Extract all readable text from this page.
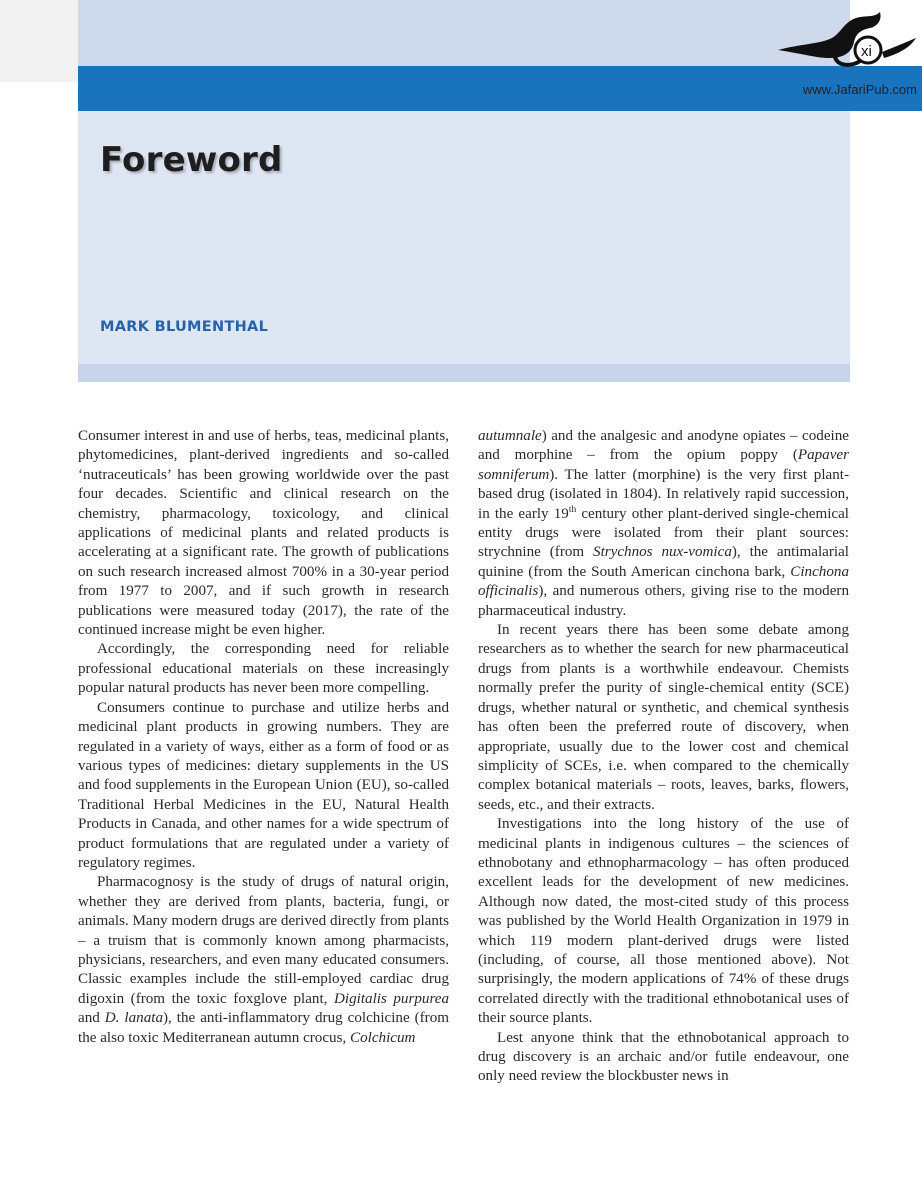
Foreword
MARK BLUMENTHAL
xi
www.JafariPub.com

Consumer interest in and use of herbs, teas, medicinal plants, phytomedicines, plant-derived ingredients and so-called ‘nutraceuticals’ has been growing worldwide over the past four decades. Scientific and clinical research on the chemistry, pharmacology, toxicology, and clinical applications of medicinal plants and related products is accelerating at a significant rate. The growth of publications on such research increased almost 700% in a 30-year period from 1977 to 2007, and if such growth in research publications were measured today (2017), the rate of the continued increase might be even higher.

Accordingly, the corresponding need for reliable professional educational materials on these increasingly popular natural products has never been more compelling.

Consumers continue to purchase and utilize herbs and medicinal plant products in growing numbers. They are regulated in a variety of ways, either as a form of food or as various types of medicines: dietary supplements in the US and food supplements in the European Union (EU), so-called Traditional Herbal Medicines in the EU, Natural Health Products in Canada, and other names for a wide spectrum of product formulations that are regulated under a variety of regulatory regimes.

Pharmacognosy is the study of drugs of natural origin, whether they are derived from plants, bacteria, fungi, or animals. Many modern drugs are derived directly from plants – a truism that is commonly known among pharmacists, physicians, researchers, and even many educated consumers. Classic examples include the still-employed cardiac drug digoxin (from the toxic foxglove plant, Digitalis purpurea and D. lanata), the anti-inflammatory drug colchicine (from the also toxic Mediterranean autumn crocus, Colchicum

autumnale) and the analgesic and anodyne opiates – codeine and morphine – from the opium poppy (Papaver somniferum). The latter (morphine) is the very first plant-based drug (isolated in 1804). In relatively rapid succession, in the early 19th century other plant-derived single-chemical entity drugs were isolated from their plant sources: strychnine (from Strychnos nux-vomica), the antimalarial quinine (from the South American cinchona bark, Cinchona officinalis), and numerous others, giving rise to the modern pharmaceutical industry.

In recent years there has been some debate among researchers as to whether the search for new pharmaceutical drugs from plants is a worthwhile endeavour. Chemists normally prefer the purity of single-chemical entity (SCE) drugs, whether natural or synthetic, and chemical synthesis has often been the preferred route of discovery, when appropriate, usually due to the lower cost and chemical simplicity of SCEs, i.e. when compared to the chemically complex botanical materials – roots, leaves, barks, flowers, seeds, etc., and their extracts.

Investigations into the long history of the use of medicinal plants in indigenous cultures – the sciences of ethnobotany and ethnopharmacology – has often produced excellent leads for the development of new medicines. Although now dated, the most-cited study of this process was published by the World Health Organization in 1979 in which 119 modern plant-derived drugs were listed (including, of course, all those mentioned above). Not surprisingly, the modern applications of 74% of these drugs correlated directly with the traditional ethnobotanical uses of their source plants.

Lest anyone think that the ethnobotanical approach to drug discovery is an archaic and/or futile endeavour, one only need review the blockbuster news in
